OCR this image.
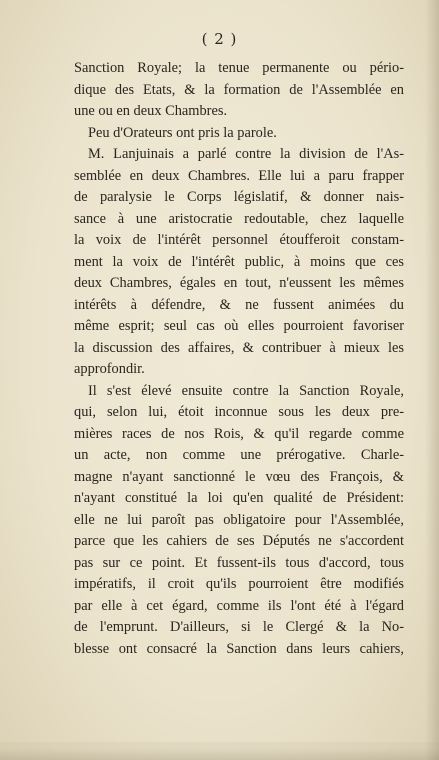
( 2 )
Sanction Royale; la tenue permanente ou pério-
dique des Etats, & la formation de l'Assemblée en
une ou en deux Chambres.
Peu d'Orateurs ont pris la parole.
M. Lanjuinais a parlé contre la division de l'As-
semblée en deux Chambres. Elle lui a paru frapper
de paralysie le Corps législatif, & donner nais-
sance à une aristocratie redoutable, chez laquelle
la voix de l'intérêt personnel étoufferoit constam-
ment la voix de l'intérêt public, à moins que ces
deux Chambres, égales en tout, n'eussent les mêmes
intérêts à défendre, & ne fussent animées du
même esprit; seul cas où elles pourroient favoriser
la discussion des affaires, & contribuer à mieux les
approfondir.
Il s'est élevé ensuite contre la Sanction Royale,
qui, selon lui, étoit inconnue sous les deux pre-
mières races de nos Rois, & qu'il regarde comme
un acte, non comme une prérogative. Charle-
magne n'ayant sanctionné le vœu des François, &
n'ayant constitué la loi qu'en qualité de Président:
elle ne lui paroît pas obligatoire pour l'Assemblée,
parce que les cahiers de ses Députés ne s'accordent
pas sur ce point. Et fussent-ils tous d'accord, tous
impératifs, il croit qu'ils pourroient être modifiés
par elle à cet égard, comme ils l'ont été à l'égard
de l'emprunt. D'ailleurs, si le Clergé & la No-
blesse ont consacré la Sanction dans leurs cahiers,
